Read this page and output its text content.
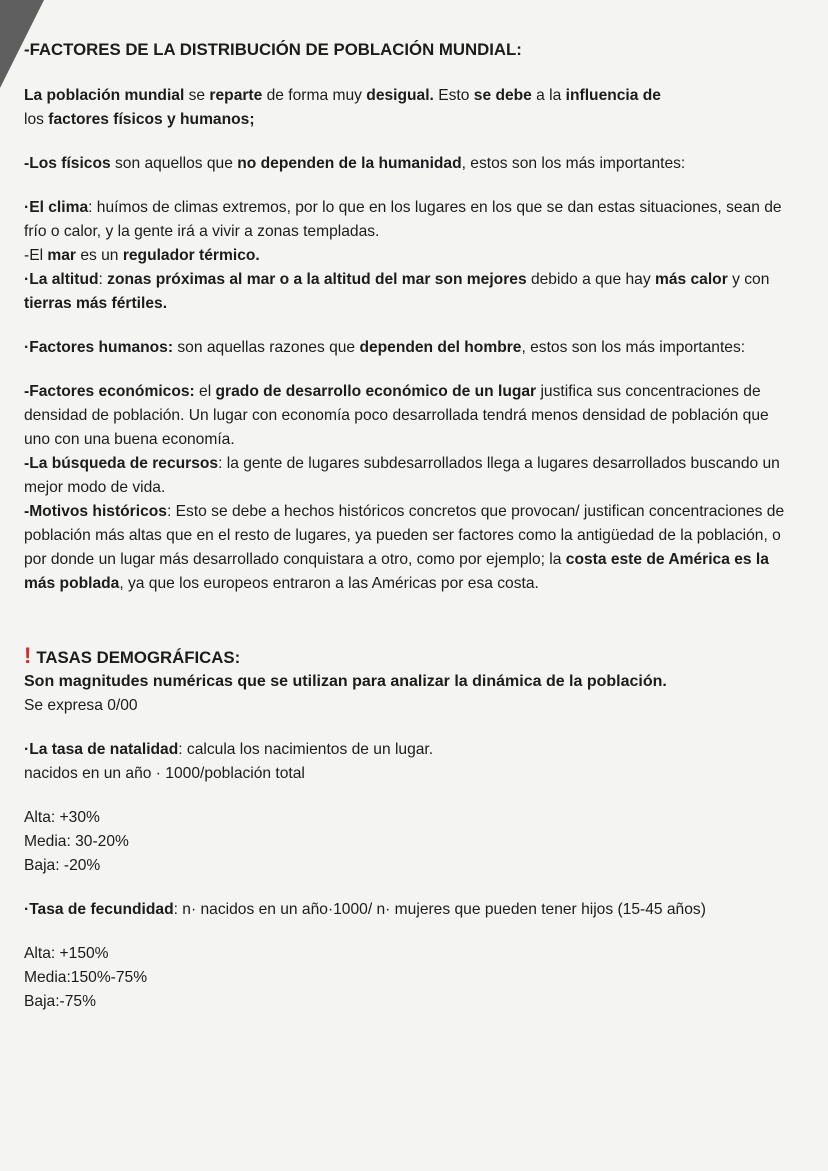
-FACTORES DE LA DISTRIBUCIÓN DE POBLACIÓN MUNDIAL:

La población mundial se reparte de forma muy desigual. Esto se debe a la influencia de
los factores físicos y humanos;

-Los físicos son aquellos que no dependen de la humanidad, estos son los más importantes:

·El clima: huímos de climas extremos, por lo que en los lugares en los que se dan estas situaciones, sean de frío o calor, y la gente irá a vivir a zonas templadas.

-El mar es un regulador térmico.

·La altitud: zonas próximas al mar o a la altitud del mar son mejores debido a que hay más calor y con tierras más fértiles.

·Factores humanos: son aquellas razones que dependen del hombre, estos son los más importantes:

-Factores económicos: el grado de desarrollo económico de un lugar justifica sus concentraciones de densidad de población. Un lugar con economía poco desarrollada tendrá menos densidad de población que uno con una buena economía.

-La búsqueda de recursos: la gente de lugares subdesarrollados llega a lugares desarrollados buscando un mejor modo de vida.

-Motivos históricos: Esto se debe a hechos históricos concretos que provocan/ justifican concentraciones de población más altas que en el resto de lugares, ya pueden ser factores como la antigüedad de la población, o por donde un lugar más desarrollado conquistara a otro, como por ejemplo; la costa este de América es la más poblada, ya que los europeos entraron a las Américas por esa costa.

! TASAS DEMOGRÁFICAS:

Son magnitudes numéricas que se utilizan para analizar la dinámica de la población.

Se expresa 0/00

·La tasa de natalidad: calcula los nacimientos de un lugar.

nacidos en un año · 1000/población total

Alta: +30%

Media: 30-20%

Baja: -20%

·Tasa de fecundidad: n· nacidos en un año·1000/ n· mujeres que pueden tener hijos (15-45 años)

Alta: +150%

Media:150%-75%

Baja:-75%
